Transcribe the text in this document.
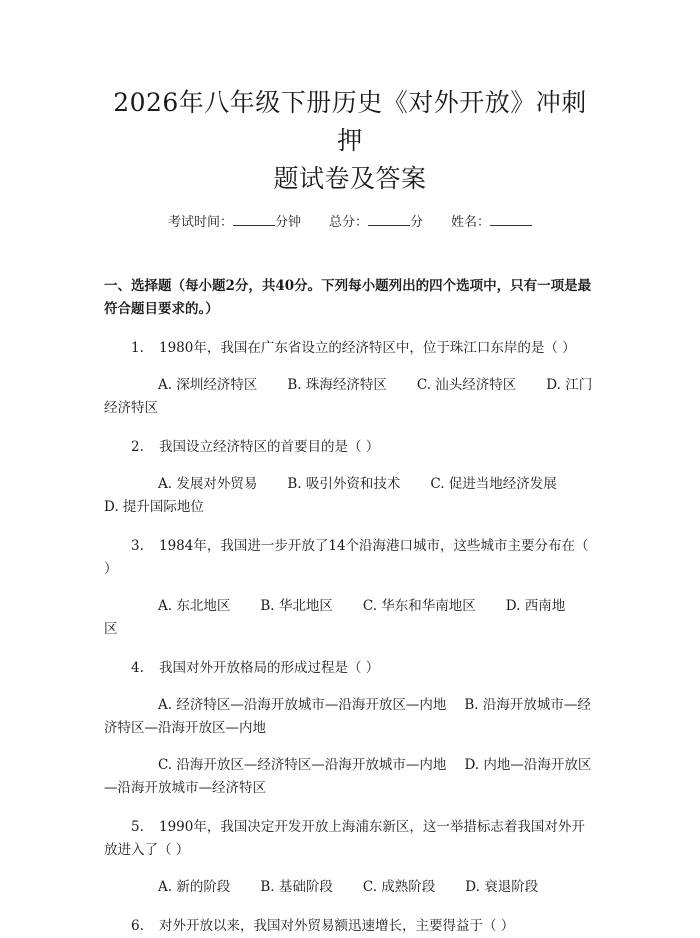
2026年八年级下册历史《对外开放》冲刺押
题试卷及答案
考试时间：	分钟 总分：	分 姓名：
一、选择题（每小题2分，共40分。下列每小题列出的四个选项中，只有一项是最符合题目要求的。）
1. 1980年，我国在广东省设立的经济特区中，位于珠江口东岸的是（ ）
A. 深圳经济特区 B. 珠海经济特区 C. 汕头经济特区 D. 江门经济特区
2. 我国设立经济特区的首要目的是（ ）
A. 发展对外贸易 B. 吸引外资和技术 C. 促进当地经济发展D. 提升国际地位
3. 1984年，我国进一步开放了14个沿海港口城市，这些城市主要分布在（ ）
A. 东北地区 B. 华北地区 C. 华东和华南地区 D. 西南地区
4. 我国对外开放格局的形成过程是（ ）
A. 经济特区—沿海开放城市—沿海开放区—内地 B. 沿海开放城市—经济特区—沿海开放区—内地
C. 沿海开放区—经济特区—沿海开放城市—内地 D. 内地—沿海开放区—沿海开放城市—经济特区
5. 1990年，我国决定开发开放上海浦东新区，这一举措标志着我国对外开放进入了（ ）
A. 新的阶段 B. 基础阶段 C. 成熟阶段 D. 衰退阶段
6. 对外开放以来，我国对外贸易额迅速增长，主要得益于（ ）
